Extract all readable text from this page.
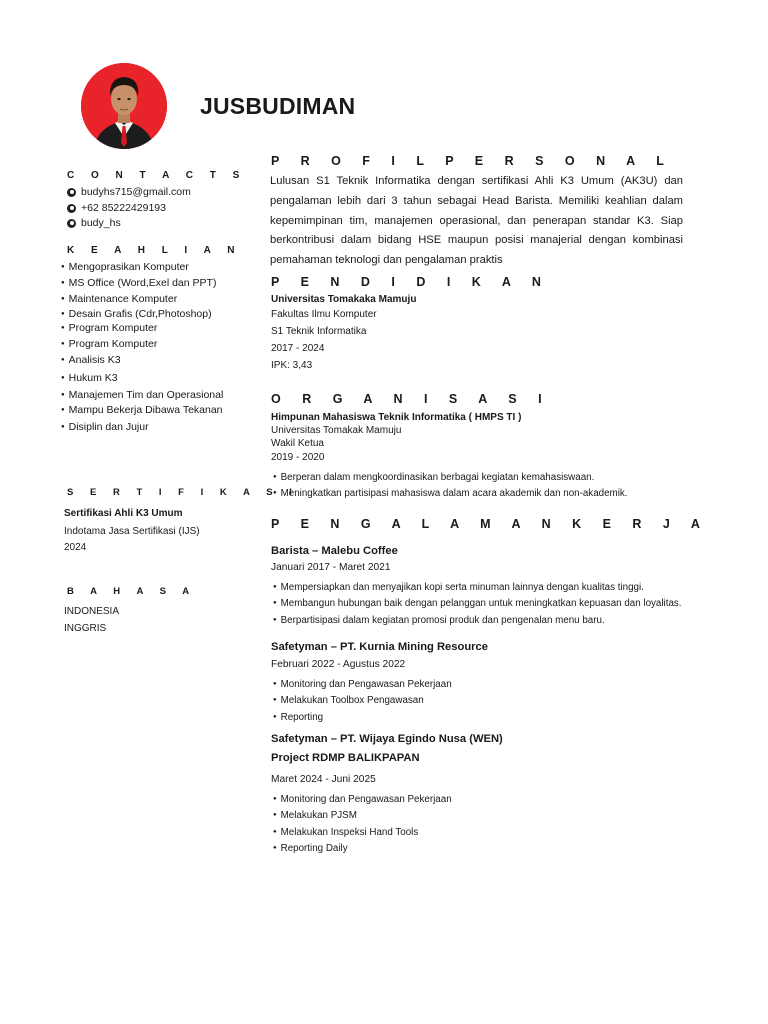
JUSBUDIMAN
C O N T A C T S
budyhs715@gmail.com
+62 85222429193
budy_hs
K E A H L I A N
● Mengoprasikan Komputer
● MS Office (Word,Exel dan PPT)
● Maintenance Komputer
● Desain Grafis (Cdr,Photoshop)
● Program Komputer
● Program Komputer
● Analisis K3
● Hukum K3
● Manajemen Tim dan Operasional
● Mampu Bekerja Dibawa Tekanan
● Disiplin dan Jujur
S E R T I F I K A S I
Sertifikasi Ahli K3 Umum
Indotama Jasa Sertifikasi (IJS)
2024
B A H A S A
INDONESIA
INGGRIS
P R O F I L P E R S O N A L
Lulusan S1 Teknik Informatika dengan sertifikasi Ahli K3 Umum (AK3U) dan pengalaman lebih dari 3 tahun sebagai Head Barista. Memiliki keahlian dalam kepemimpinan tim, manajemen operasional, dan penerapan standar K3. Siap berkontribusi dalam bidang HSE maupun posisi manajerial dengan kombinasi pemahaman teknologi dan pengalaman praktis
P E N D I D I K A N
Universitas Tomakaka Mamuju
Fakultas Ilmu Komputer
S1 Teknik Informatika
2017 - 2024
IPK: 3,43
O R G A N I S A S I
Himpunan Mahasiswa Teknik Informatika ( HMPS TI )
Universitas Tomakak Mamuju
Wakil Ketua
2019 - 2020
● Berperan dalam mengkoordinasikan berbagai kegiatan kemahasiswaan.
● Meningkatkan partisipasi mahasiswa dalam acara akademik dan non-akademik.
P E N G A L A M A N K E R J A
Barista – Malebu Coffee
Januari 2017 - Maret 2021
● Mempersiapkan dan menyajikan kopi serta minuman lainnya dengan kualitas tinggi.
● Membangun hubungan baik dengan pelanggan untuk meningkatkan kepuasan dan loyalitas.
● Berpartisipasi dalam kegiatan promosi produk dan pengenalan menu baru.
Safetyman – PT. Kurnia Mining Resource
Februari 2022 - Agustus 2022
● Monitoring dan Pengawasan Pekerjaan
● Melakukan Toolbox Pengawasan
● Reporting
Safetyman – PT. Wijaya Egindo Nusa (WEN)
Project RDMP BALIKPAPAN
Maret 2024 - Juni 2025
● Monitoring dan Pengawasan Pekerjaan
● Melakukan PJSM
● Melakukan Inspeksi Hand Tools
● Reporting Daily
